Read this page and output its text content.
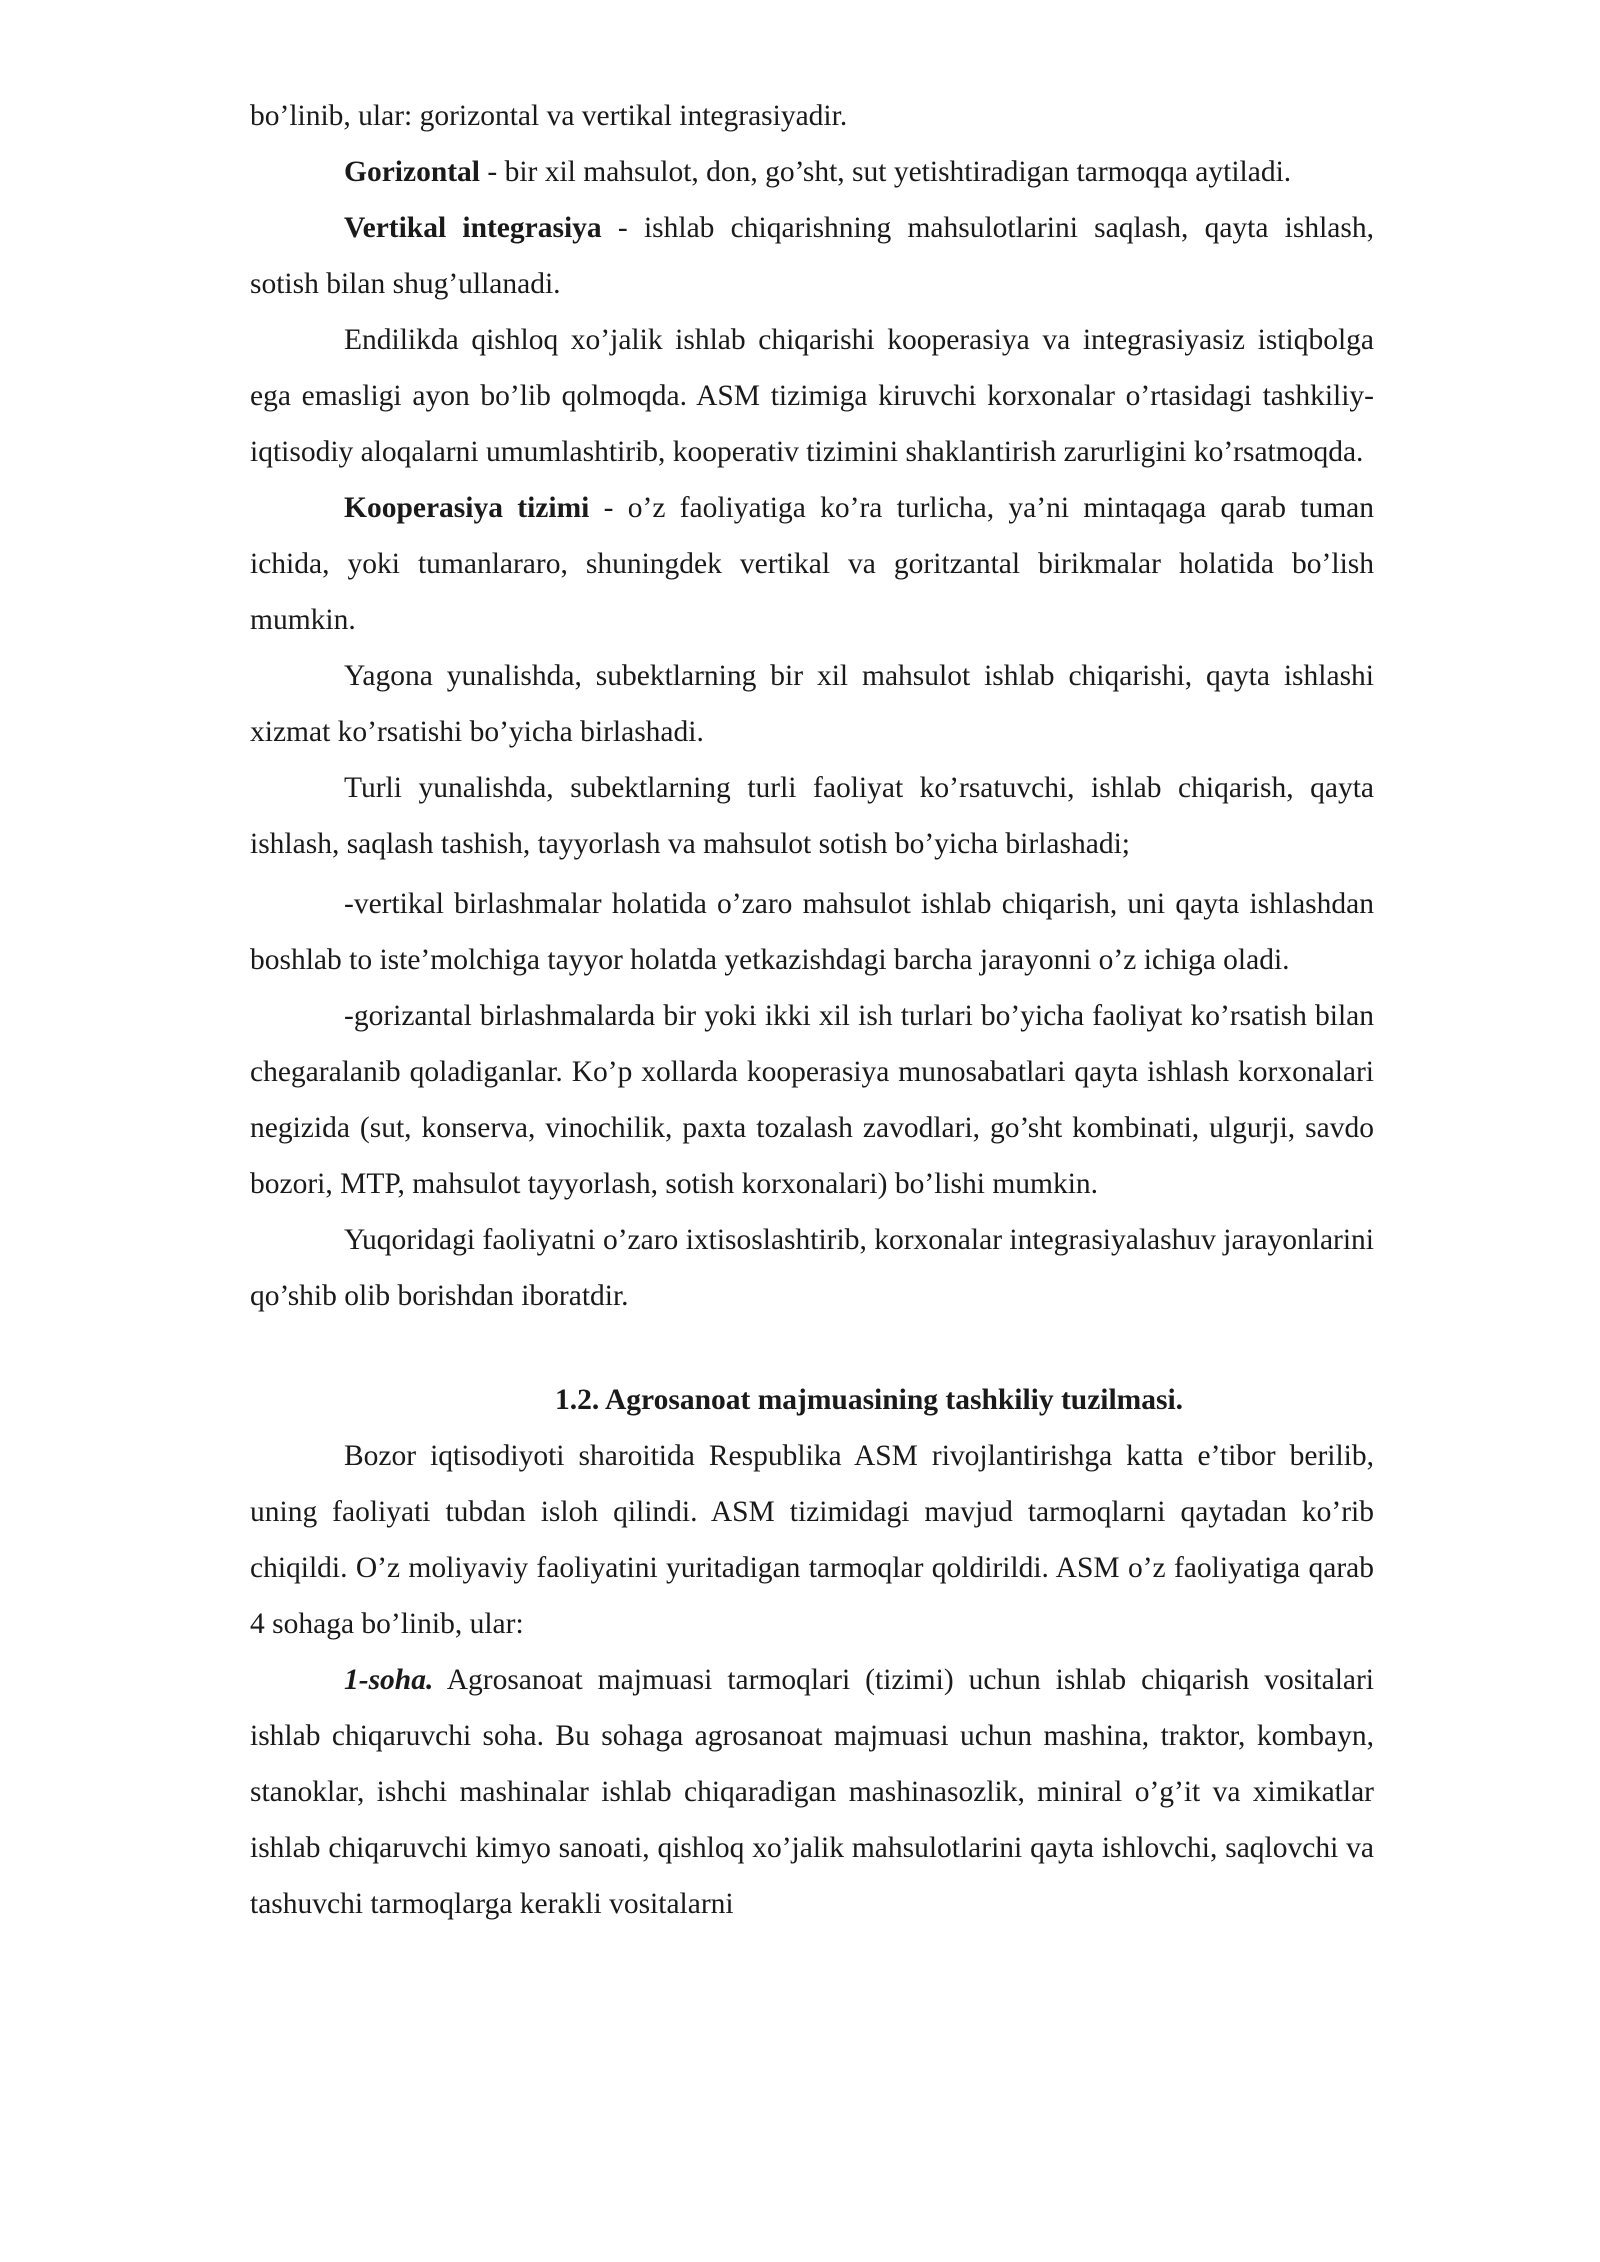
bo’linib, ular: gorizontal va vertikal integrasiyadir.

Gorizontal - bir xil mahsulot, don, go’sht, sut yetishtiradigan tarmoqqa aytiladi.

Vertikal integrasiya - ishlab chiqarishning mahsulotlarini saqlash, qayta ishlash, sotish bilan shug’ullanadi.

Endilikda qishloq xo’jalik ishlab chiqarishi kooperasiya va integrasiyasiz istiqbolga ega emasligi ayon bo’lib qolmoqda. ASM tizimiga kiruvchi korxonalar o’rtasidagi tashkiliy-iqtisodiy aloqalarni umumlashtirib, kooperativ tizimini shaklantirish zarurligini ko’rsatmoqda.

Kooperasiya tizimi - o’z faoliyatiga ko’ra turlicha, ya’ni mintaqaga qarab tuman ichida, yoki tumanlararo, shuningdek vertikal va goritzantal birikmalar holatida bo’lish mumkin.

Yagona yunalishda, subektlarning bir xil mahsulot ishlab chiqarishi, qayta ishlashi xizmat ko’rsatishi bo’yicha birlashadi.

Turli yunalishda, subektlarning turli faoliyat ko’rsatuvchi, ishlab chiqarish, qayta ishlash, saqlash tashish, tayyorlash va mahsulot sotish bo’yicha birlashadi;

-vertikal birlashmalar holatida o’zaro mahsulot ishlab chiqarish, uni qayta ishlashdan boshlab to iste’molchiga tayyor holatda yetkazishdagi barcha jarayonni o’z ichiga oladi.

-gorizantal birlashmalarda bir yoki ikki xil ish turlari bo’yicha faoliyat ko’rsatish bilan chegaralanib qoladiganlar. Ko’p xollarda kooperasiya munosabatlari qayta ishlash korxonalari negizida (sut, konserva, vinochilik, paxta tozalash zavodlari, go’sht kombinati, ulgurji, savdo bozori, MTP, mahsulot tayyorlash, sotish korxonalari) bo’lishi mumkin.

Yuqoridagi faoliyatni o’zaro ixtisoslashtirib, korxonalar integrasiyalashuv jarayonlarini qo’shib olib borishdan iboratdir.

1.2. Agrosanoat majmuasining tashkiliy tuzilmasi.

Bozor iqtisodiyoti sharoitida Respublika ASM rivojlantirishga katta e’tibor berilib, uning faoliyati tubdan isloh qilindi. ASM tizimidagi mavjud tarmoqlarni qaytadan ko’rib chiqildi. O’z moliyaviy faoliyatini yuritadigan tarmoqlar qoldirildi. ASM o’z faoliyatiga qarab 4 sohaga bo’linib, ular:

1-soha. Agrosanoat majmuasi tarmoqlari (tizimi) uchun ishlab chiqarish vositalari ishlab chiqaruvchi soha. Bu sohaga agrosanoat majmuasi uchun mashina, traktor, kombayn, stanoklar, ishchi mashinalar ishlab chiqaradigan mashinasozlik, miniral o’g’it va ximikatlar ishlab chiqaruvchi kimyo sanoati, qishloq xo’jalik mahsulotlarini qayta ishlovchi, saqlovchi va tashuvchi tarmoqlarga kerakli vositalarni
